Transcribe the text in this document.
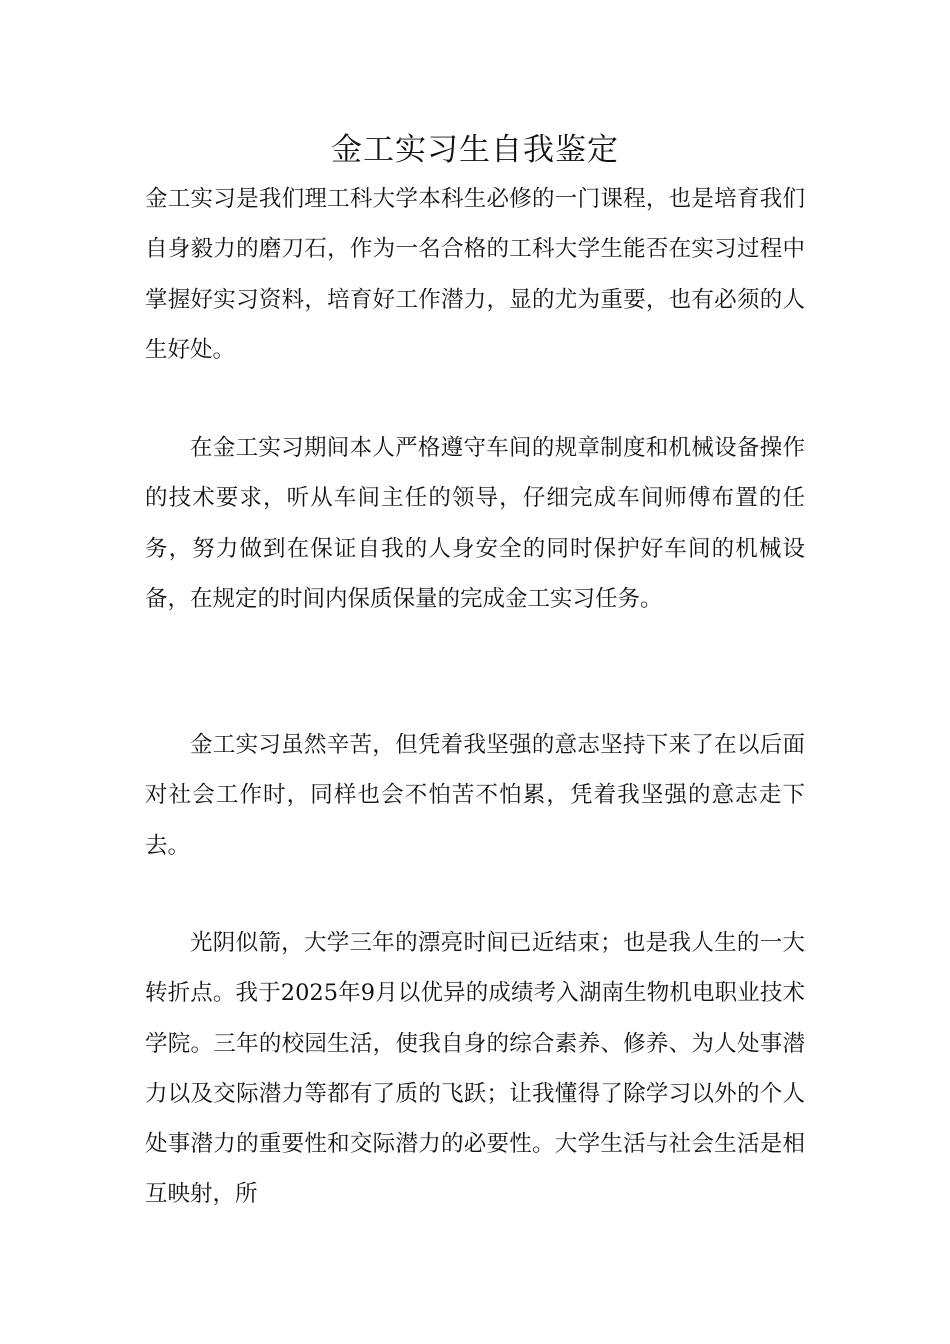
金工实习生自我鉴定

金工实习是我们理工科大学本科生必修的一门课程，也是培育我们自身毅力的磨刀石，作为一名合格的工科大学生能否在实习过程中掌握好实习资料，培育好工作潜力，显的尤为重要，也有必须的人生好处。

在金工实习期间本人严格遵守车间的规章制度和机械设备操作的技术要求，听从车间主任的领导，仔细完成车间师傅布置的任务，努力做到在保证自我的人身安全的同时保护好车间的机械设备，在规定的时间内保质保量的完成金工实习任务。

金工实习虽然辛苦，但凭着我坚强的意志坚持下来了在以后面对社会工作时，同样也会不怕苦不怕累，凭着我坚强的意志走下去。

光阴似箭，大学三年的漂亮时间已近结束；也是我人生的一大转折点。我于2025年9月以优异的成绩考入湖南生物机电职业技术学院。三年的校园生活，使我自身的综合素养、修养、为人处事潜力以及交际潜力等都有了质的飞跃；让我懂得了除学习以外的个人处事潜力的重要性和交际潜力的必要性。大学生活与社会生活是相互映射，所
